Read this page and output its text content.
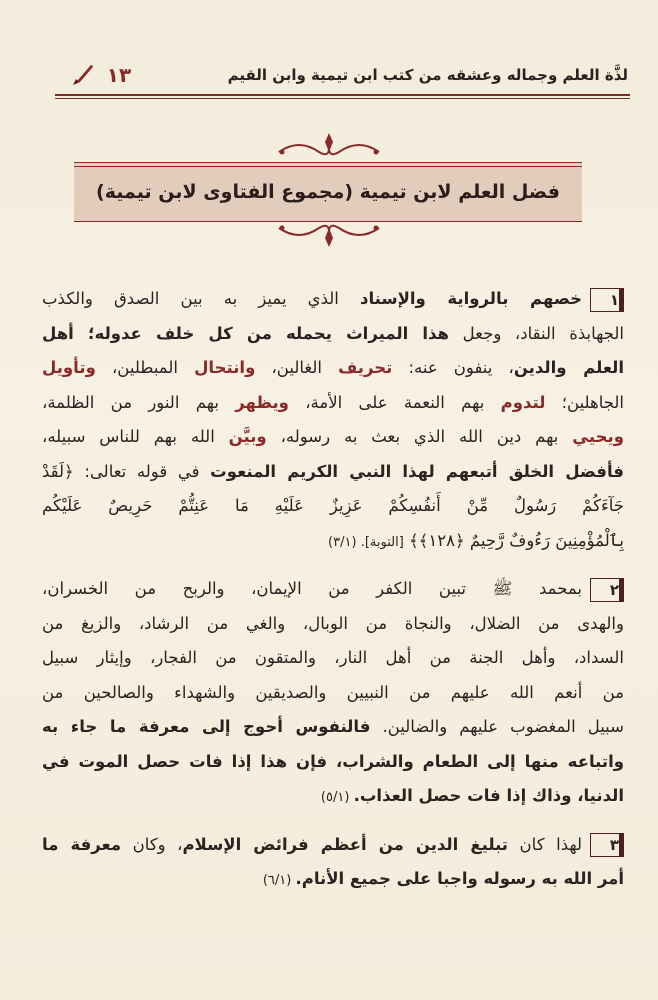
١٣	لذَّة العلم وجماله وعشقه من كتب ابن تيمية وابن القيم
فضل العلم لابن تيمية (مجموع الفتاوى لابن تيمية)

١خصهم بالرواية والإسناد الذي يميز به بين الصدق والكذب

الجهابذة النقاد، وجعل هذا الميراث يحمله من كل خلف عدوله؛ أهل

العلم والدين، ينفون عنه: تحريف الغالين، وانتحال المبطلين، وتأويل

الجاهلين؛ لتدوم بهم النعمة على الأمة، ويظهر بهم النور من الظلمة،

ويحيي بهم دين الله الذي بعث به رسوله، وبيَّن الله بهم للناس سبيله،

فأفضل الخلق أتبعهم لهذا النبي الكريم المنعوت في قوله تعالى: ﴿لَقَدْ

جَآءَكُمْ رَسُولٌ مِّنْ أَنفُسِكُمْ عَزِيزٌ عَلَيْهِ مَا عَنِتُّمْ حَرِيصٌ عَلَيْكُم

بِٱلْمُؤْمِنِينَ رَءُوفٌ رَّحِيمٌ ﴿١٢٨﴾﴾ [التوبة]. (٣/١)

٢بمحمد ﷺ تبين الكفر من الإيمان، والربح من الخسران،

والهدى من الضلال، والنجاة من الوبال، والغي من الرشاد، والزيغ من

السداد، وأهل الجنة من أهل النار، والمتقون من الفجار، وإيثار سبيل

من أنعم الله عليهم من النبيين والصديقين والشهداء والصالحين من

سبيل المغضوب عليهم والضالين. فالنفوس أحوج إلى معرفة ما جاء به

واتباعه منها إلى الطعام والشراب، فإن هذا إذا فات حصل الموت في

الدنيا، وذاك إذا فات حصل العذاب. (٥/١)

٣لهذا كان تبليغ الدين من أعظم فرائض الإسلام، وكان معرفة ما

أمر الله به رسوله واجبا على جميع الأنام. (٦/١)
